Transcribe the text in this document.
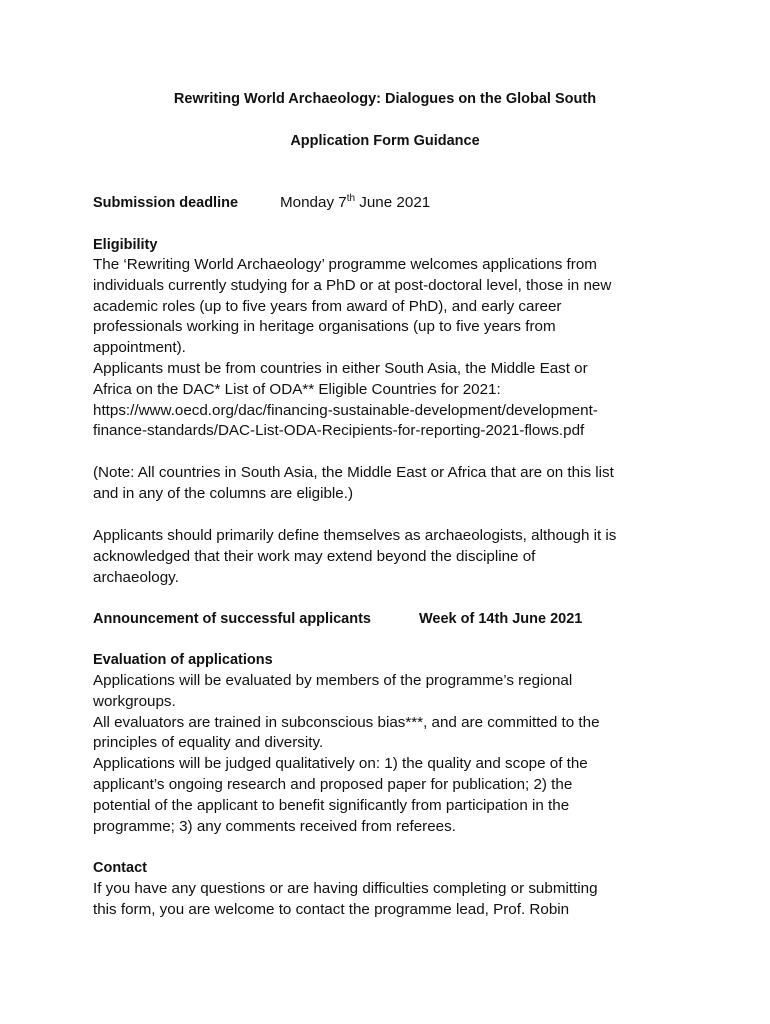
Rewriting World Archaeology: Dialogues on the Global South
Application Form Guidance
Submission deadline	Monday 7th June 2021
Eligibility
The ‘Rewriting World Archaeology’ programme welcomes applications from
individuals currently studying for a PhD or at post-doctoral level, those in new
academic roles (up to five years from award of PhD), and early career
professionals working in heritage organisations (up to five years from
appointment).
Applicants must be from countries in either South Asia, the Middle East or
Africa on the DAC* List of ODA** Eligible Countries for 2021:
https://www.oecd.org/dac/financing-sustainable-development/development-
finance-standards/DAC-List-ODA-Recipients-for-reporting-2021-flows.pdf
(Note: All countries in South Asia, the Middle East or Africa that are on this list
and in any of the columns are eligible.)
Applicants should primarily define themselves as archaeologists, although it is
acknowledged that their work may extend beyond the discipline of
archaeology.
Announcement of successful applicants	Week of 14th June 2021
Evaluation of applications
Applications will be evaluated by members of the programme’s regional
workgroups.
All evaluators are trained in subconscious bias***, and are committed to the
principles of equality and diversity.
Applications will be judged qualitatively on: 1) the quality and scope of the
applicant’s ongoing research and proposed paper for publication; 2) the
potential of the applicant to benefit significantly from participation in the
programme; 3) any comments received from referees.
Contact
If you have any questions or are having difficulties completing or submitting
this form, you are welcome to contact the programme lead, Prof. Robin
